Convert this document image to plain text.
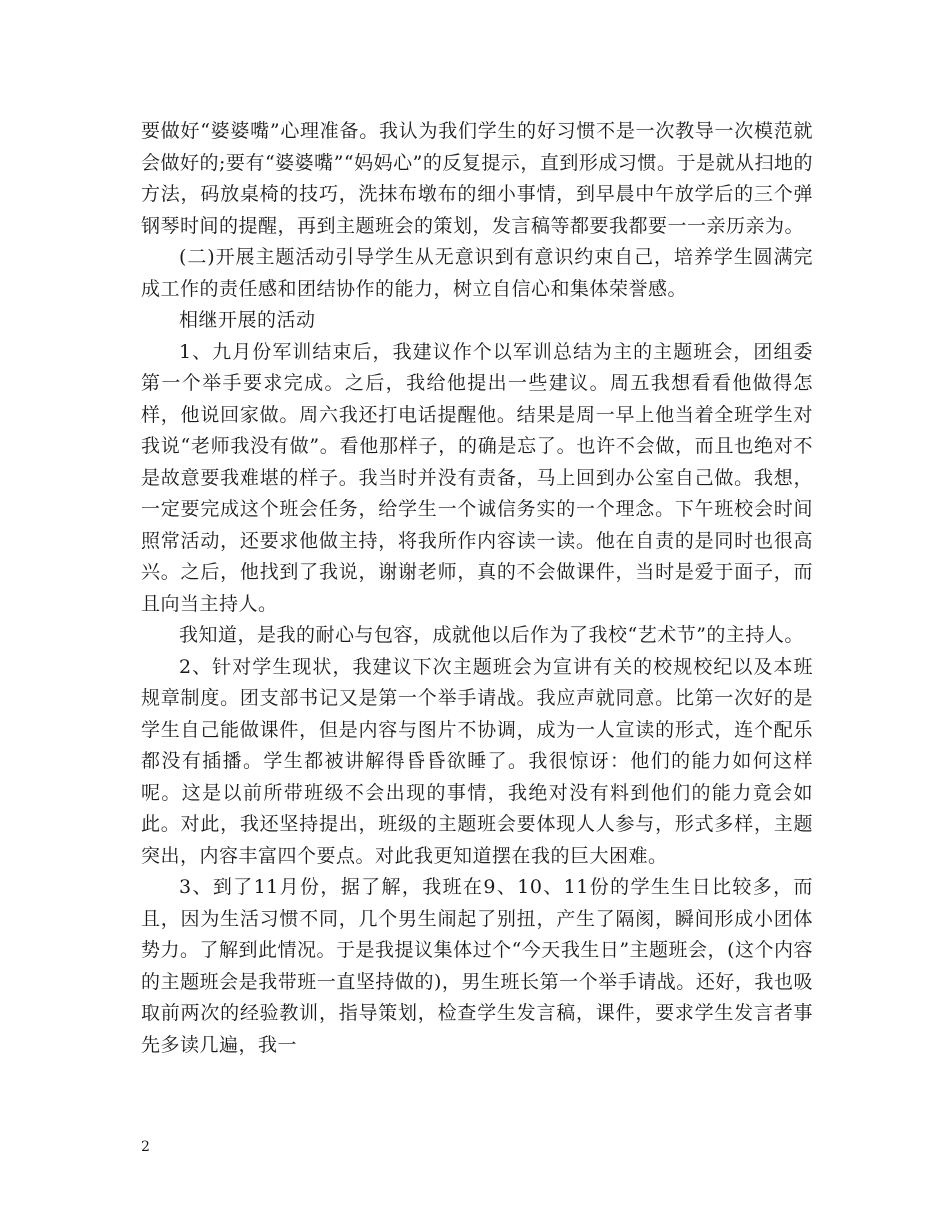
要做好“婆婆嘴”心理准备。我认为我们学生的好习惯不是一次教导一次模范就会做好的;要有“婆婆嘴”“妈妈心”的反复提示，直到形成习惯。于是就从扫地的方法，码放桌椅的技巧，洗抹布墩布的细小事情，到早晨中午放学后的三个弹钢琴时间的提醒，再到主题班会的策划，发言稿等都要我都要一一亲历亲为。

(二)开展主题活动引导学生从无意识到有意识约束自己，培养学生圆满完成工作的责任感和团结协作的能力，树立自信心和集体荣誉感。

相继开展的活动

1、九月份军训结束后，我建议作个以军训总结为主的主题班会，团组委第一个举手要求完成。之后，我给他提出一些建议。周五我想看看他做得怎样，他说回家做。周六我还打电话提醒他。结果是周一早上他当着全班学生对我说“老师我没有做”。看他那样子，的确是忘了。也许不会做，而且也绝对不是故意要我难堪的样子。我当时并没有责备，马上回到办公室自己做。我想，一定要完成这个班会任务，给学生一个诚信务实的一个理念。下午班校会时间照常活动，还要求他做主持，将我所作内容读一读。他在自责的是同时也很高兴。之后，他找到了我说，谢谢老师，真的不会做课件，当时是爱于面子，而且向当主持人。

我知道，是我的耐心与包容，成就他以后作为了我校“艺术节”的主持人。

2、针对学生现状，我建议下次主题班会为宣讲有关的校规校纪以及本班规章制度。团支部书记又是第一个举手请战。我应声就同意。比第一次好的是学生自己能做课件，但是内容与图片不协调，成为一人宣读的形式，连个配乐都没有插播。学生都被讲解得昏昏欲睡了。我很惊讶：他们的能力如何这样呢。这是以前所带班级不会出现的事情，我绝对没有料到他们的能力竟会如此。对此，我还坚持提出，班级的主题班会要体现人人参与，形式多样，主题突出，内容丰富四个要点。对此我更知道摆在我的巨大困难。

3、到了11月份，据了解，我班在9、10、11份的学生生日比较多，而且，因为生活习惯不同，几个男生闹起了别扭，产生了隔阂，瞬间形成小团体势力。了解到此情况。于是我提议集体过个“今天我生日”主题班会，(这个内容的主题班会是我带班一直坚持做的)，男生班长第一个举手请战。还好，我也吸取前两次的经验教训，指导策划，检查学生发言稿，课件，要求学生发言者事先多读几遍，我一

2
